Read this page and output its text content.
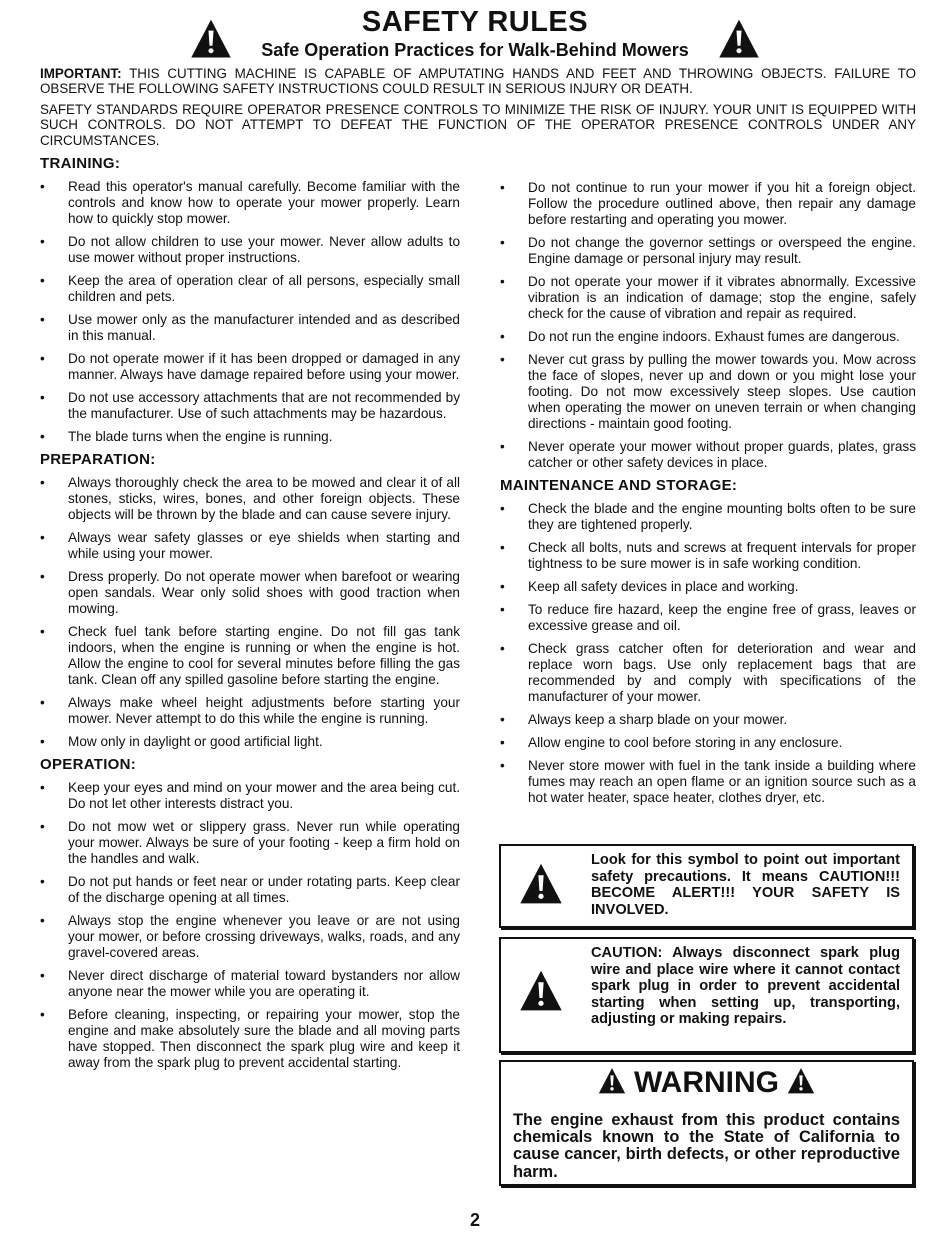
SAFETY RULES
Safe Operation Practices for Walk-Behind Mowers
IMPORTANT: THIS CUTTING MACHINE IS CAPABLE OF AMPUTATING HANDS AND FEET AND THROWING OBJECTS. FAILURE TO OBSERVE THE FOLLOWING SAFETY INSTRUCTIONS COULD RESULT IN SERIOUS INJURY OR DEATH.
SAFETY STANDARDS REQUIRE OPERATOR PRESENCE CONTROLS TO MINIMIZE THE RISK OF INJURY. YOUR UNIT IS EQUIPPED WITH SUCH CONTROLS. DO NOT ATTEMPT TO DEFEAT THE FUNCTION OF THE OPERATOR PRESENCE CONTROLS UNDER ANY CIRCUMSTANCES.
TRAINING:
• Read this operator's manual carefully. Become familiar with the controls and know how to operate your mower properly. Learn how to quickly stop mower.
• Do not allow children to use your mower. Never allow adults to use mower without proper instructions.
• Keep the area of operation clear of all persons, especially small children and pets.
• Use mower only as the manufacturer intended and as described in this manual.
• Do not operate mower if it has been dropped or damaged in any manner. Always have damage repaired before using your mower.
• Do not use accessory attachments that are not recommended by the manufacturer. Use of such attachments may be hazardous.
• The blade turns when the engine is running.
PREPARATION:
• Always thoroughly check the area to be mowed and clear it of all stones, sticks, wires, bones, and other foreign objects. These objects will be thrown by the blade and can cause severe injury.
• Always wear safety glasses or eye shields when starting and while using your mower.
• Dress properly. Do not operate mower when barefoot or wearing open sandals. Wear only solid shoes with good traction when mowing.
• Check fuel tank before starting engine. Do not fill gas tank indoors, when the engine is running or when the engine is hot. Allow the engine to cool for several minutes before filling the gas tank. Clean off any spilled gasoline before starting the engine.
• Always make wheel height adjustments before starting your mower. Never attempt to do this while the engine is running.
• Mow only in daylight or good artificial light.
OPERATION:
• Keep your eyes and mind on your mower and the area being cut. Do not let other interests distract you.
• Do not mow wet or slippery grass. Never run while operating your mower. Always be sure of your footing - keep a firm hold on the handles and walk.
• Do not put hands or feet near or under rotating parts. Keep clear of the discharge opening at all times.
• Always stop the engine whenever you leave or are not using your mower, or before crossing driveways, walks, roads, and any gravel-covered areas.
• Never direct discharge of material toward bystanders nor allow anyone near the mower while you are operating it.
• Before cleaning, inspecting, or repairing your mower, stop the engine and make absolutely sure the blade and all moving parts have stopped. Then disconnect the spark plug wire and keep it away from the spark plug to prevent accidental starting.
• Do not continue to run your mower if you hit a foreign object. Follow the procedure outlined above, then repair any damage before restarting and operating you mower.
• Do not change the governor settings or overspeed the engine. Engine damage or personal injury may result.
• Do not operate your mower if it vibrates abnormally. Excessive vibration is an indication of damage; stop the engine, safely check for the cause of vibration and repair as required.
• Do not run the engine indoors. Exhaust fumes are dangerous.
• Never cut grass by pulling the mower towards you. Mow across the face of slopes, never up and down or you might lose your footing. Do not mow excessively steep slopes. Use caution when operating the mower on uneven terrain or when changing directions - maintain good footing.
• Never operate your mower without proper guards, plates, grass catcher or other safety devices in place.
MAINTENANCE AND STORAGE:
• Check the blade and the engine mounting bolts often to be sure they are tightened properly.
• Check all bolts, nuts and screws at frequent intervals for proper tightness to be sure mower is in safe working condition.
• Keep all safety devices in place and working.
• To reduce fire hazard, keep the engine free of grass, leaves or excessive grease and oil.
• Check grass catcher often for deterioration and wear and replace worn bags. Use only replacement bags that are recommended by and comply with specifications of the manufacturer of your mower.
• Always keep a sharp blade on your mower.
• Allow engine to cool before storing in any enclosure.
• Never store mower with fuel in the tank inside a building where fumes may reach an open flame or an ignition source such as a hot water heater, space heater, clothes dryer, etc.
Look for this symbol to point out important safety precautions. It means CAUTION!!! BECOME ALERT!!! YOUR SAFETY IS INVOLVED.
CAUTION: Always disconnect spark plug wire and place wire where it cannot contact spark plug in order to prevent accidental starting when setting up, transporting, adjusting or making repairs.
WARNING
The engine exhaust from this product contains chemicals known to the State of California to cause cancer, birth defects, or other reproductive harm.
2
